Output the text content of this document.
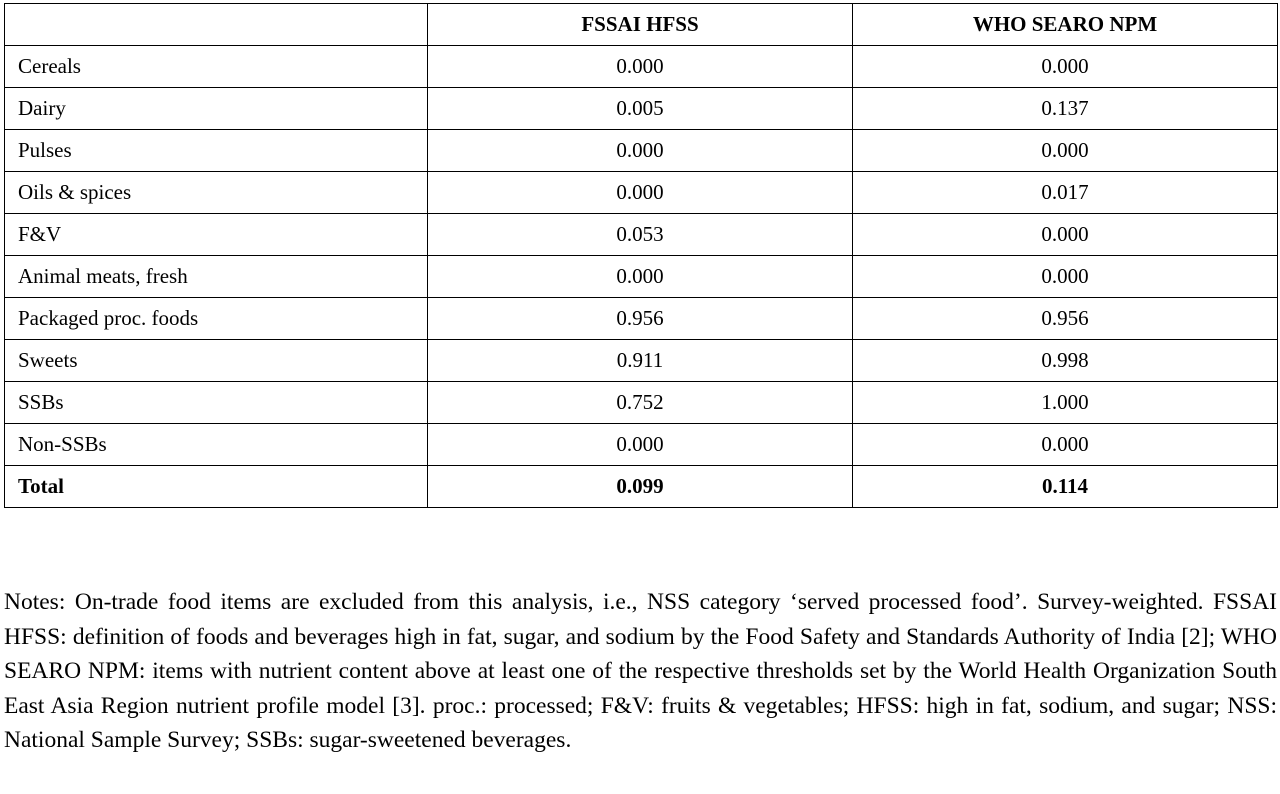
	FSSAI HFSS	WHO SEARO NPM
Cereals	0.000	0.000
Dairy	0.005	0.137
Pulses	0.000	0.000
Oils & spices	0.000	0.017
F&V	0.053	0.000
Animal meats, fresh	0.000	0.000
Packaged proc. foods	0.956	0.956
Sweets	0.911	0.998
SSBs	0.752	1.000
Non-SSBs	0.000	0.000
Total	0.099	0.114

Notes: On-trade food items are excluded from this analysis, i.e., NSS category ‘served processed food’. Survey-weighted. FSSAI HFSS: definition of foods and beverages high in fat, sugar, and sodium by the Food Safety and Standards Authority of India [2]; WHO SEARO NPM: items with nutrient content above at least one of the respective thresholds set by the World Health Organization South East Asia Region nutrient profile model [3]. proc.: processed; F&V: fruits & vegetables; HFSS: high in fat, sodium, and sugar; NSS: National Sample Survey; SSBs: sugar-sweetened beverages.
